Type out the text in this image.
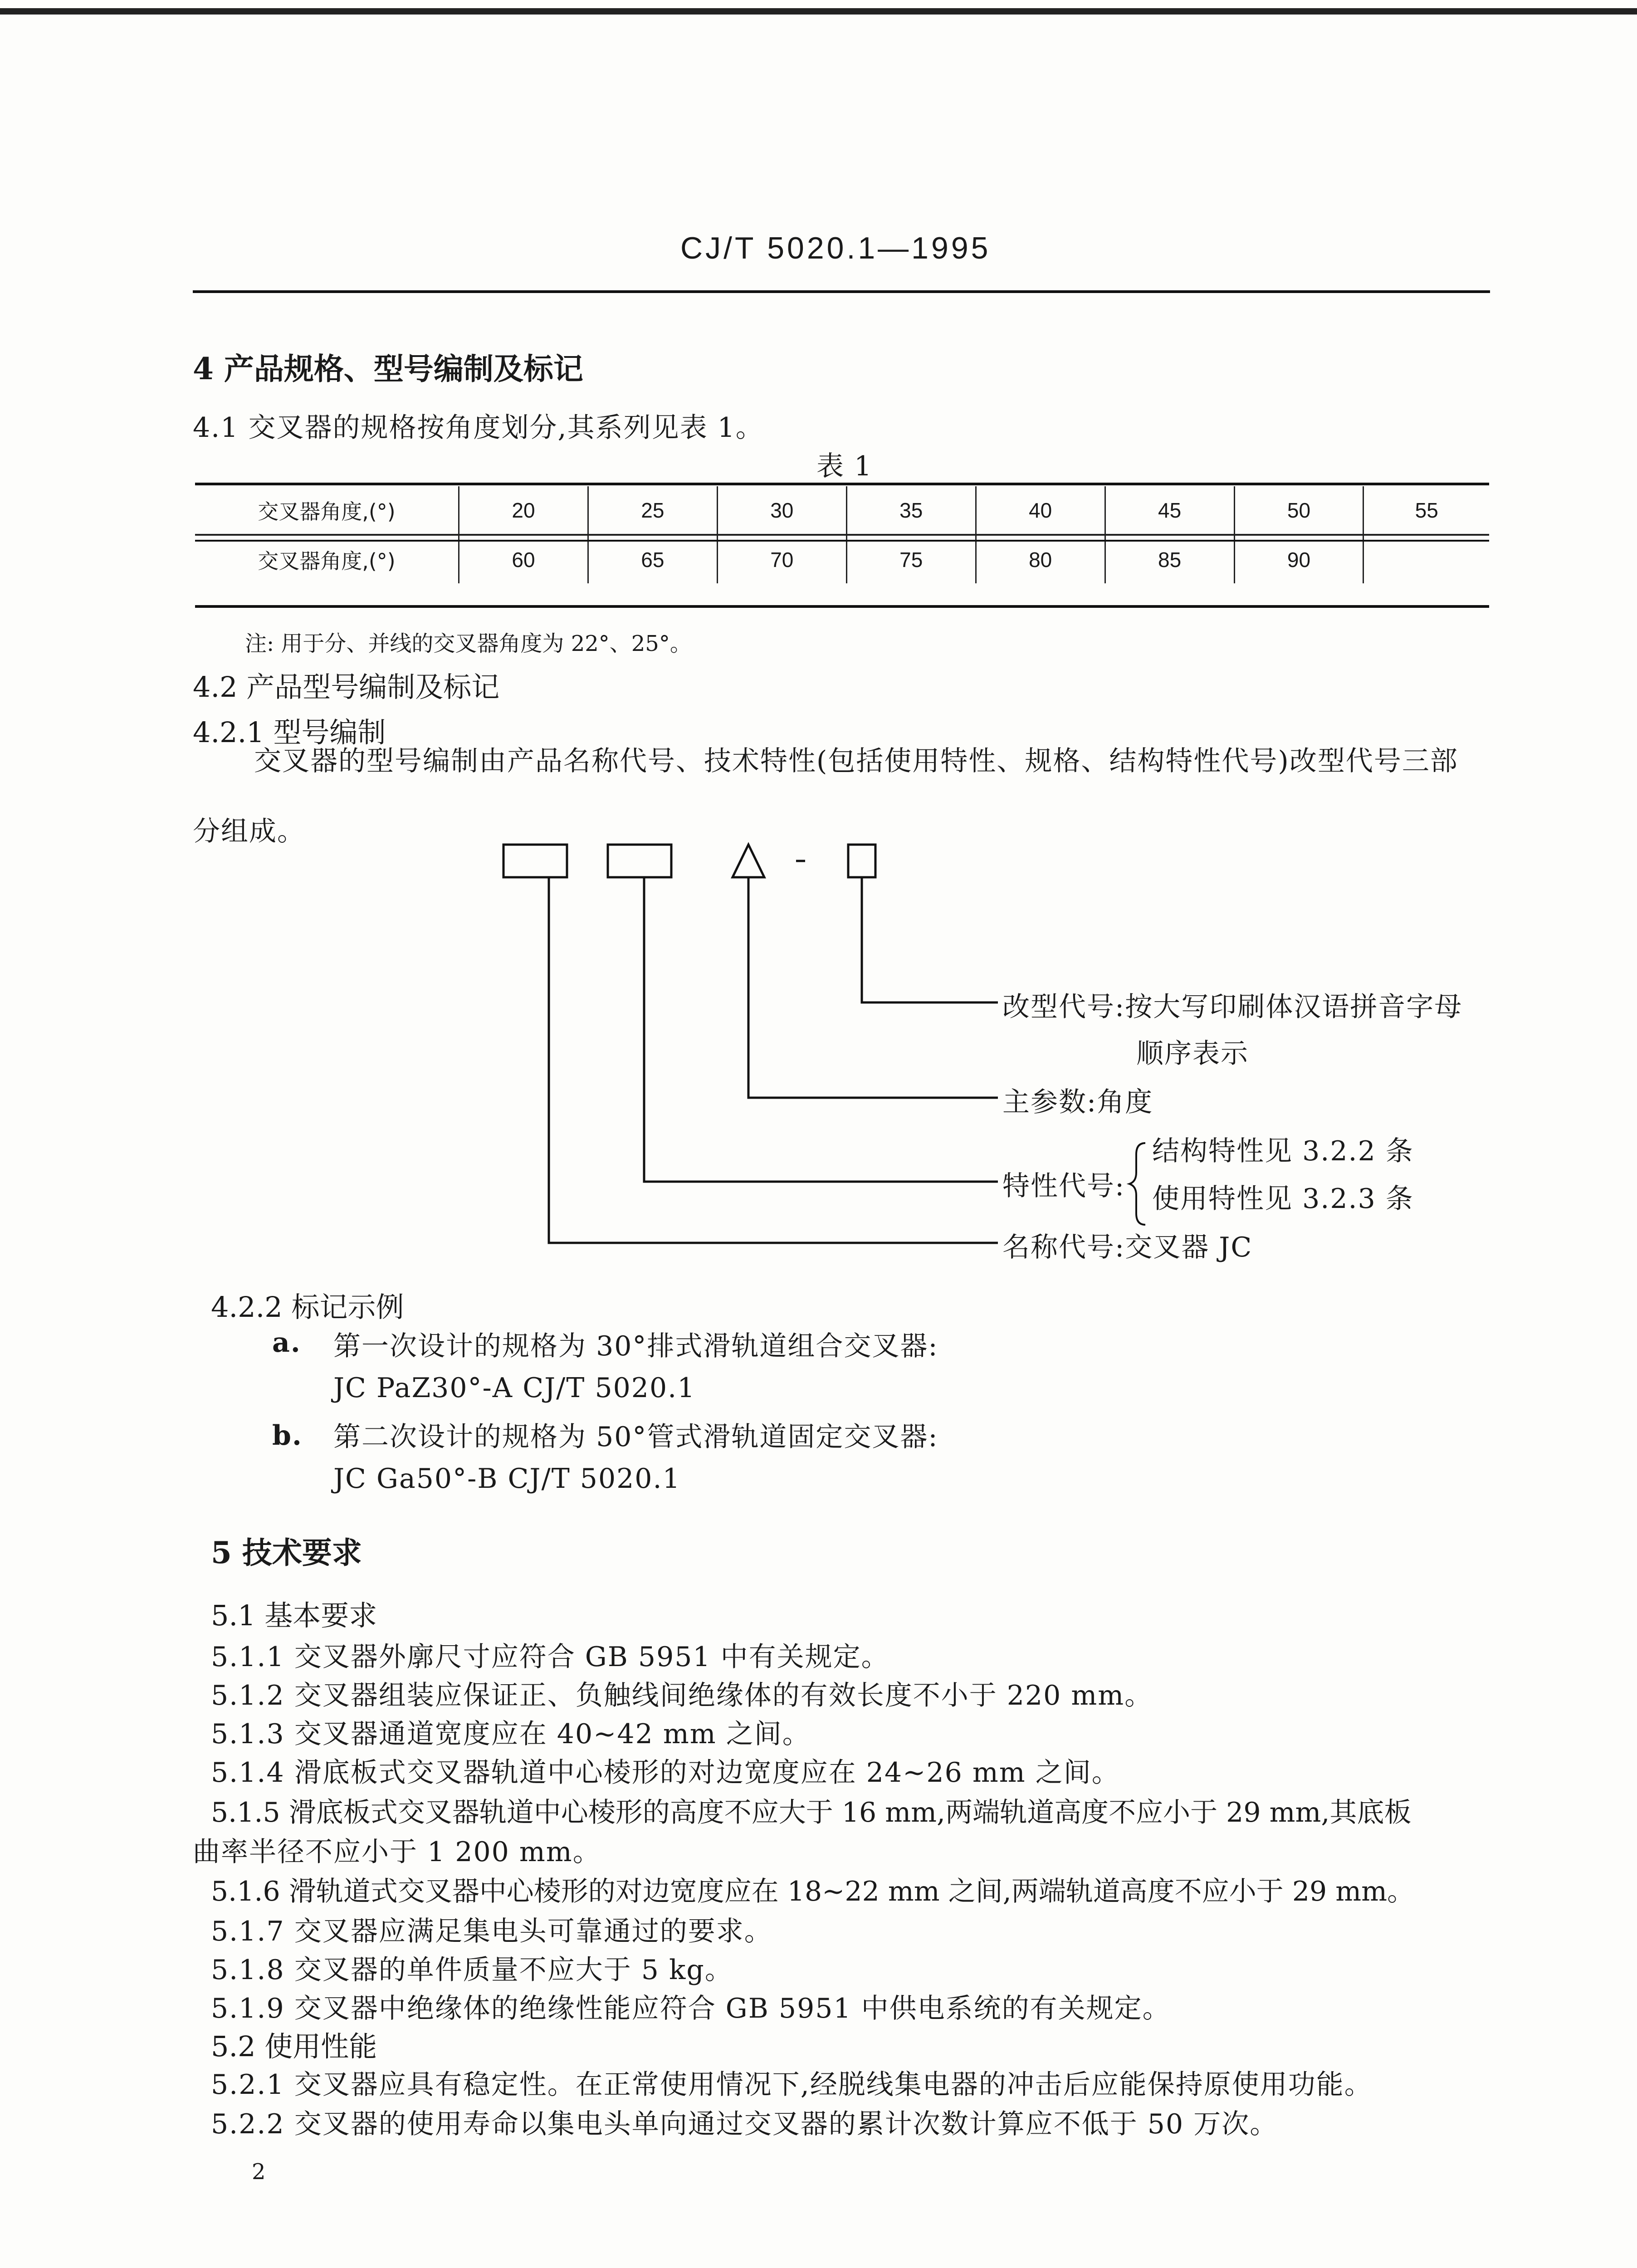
CJ/T 5020.1—1995
4 产品规格、型号编制及标记
4.1 交叉器的规格按角度划分,其系列见表 1。
表 1
交叉器角度,(°)	20	25	30	35	40	45	50	55
交叉器角度,(°)	60	65	70	75	80	85	90	
注: 用于分、并线的交叉器角度为 22°、25°。
4.2 产品型号编制及标记
4.2.1 型号编制
交叉器的型号编制由产品名称代号、技术特性(包括使用特性、规格、结构特性代号)改型代号三部
分组成。
改型代号:按大写印刷体汉语拼音字母
顺序表示
主参数:角度
特性代号:
结构特性见 3.2.2 条
使用特性见 3.2.3 条
名称代号:交叉器 JC
4.2.2 标记示例
a. 第一次设计的规格为 30°排式滑轨道组合交叉器:
JC PaZ30°-A CJ/T 5020.1
b. 第二次设计的规格为 50°管式滑轨道固定交叉器:
JC Ga50°-B CJ/T 5020.1
5 技术要求
5.1 基本要求
5.1.1 交叉器外廓尺寸应符合 GB 5951 中有关规定。
5.1.2 交叉器组装应保证正、负触线间绝缘体的有效长度不小于 220 mm。
5.1.3 交叉器通道宽度应在 40~42 mm 之间。
5.1.4 滑底板式交叉器轨道中心棱形的对边宽度应在 24~26 mm 之间。
5.1.5 滑底板式交叉器轨道中心棱形的高度不应大于 16 mm,两端轨道高度不应小于 29 mm,其底板
曲率半径不应小于 1 200 mm。
5.1.6 滑轨道式交叉器中心棱形的对边宽度应在 18~22 mm 之间,两端轨道高度不应小于 29 mm。
5.1.7 交叉器应满足集电头可靠通过的要求。
5.1.8 交叉器的单件质量不应大于 5 kg。
5.1.9 交叉器中绝缘体的绝缘性能应符合 GB 5951 中供电系统的有关规定。
5.2 使用性能
5.2.1 交叉器应具有稳定性。在正常使用情况下,经脱线集电器的冲击后应能保持原使用功能。
5.2.2 交叉器的使用寿命以集电头单向通过交叉器的累计次数计算应不低于 50 万次。
2
